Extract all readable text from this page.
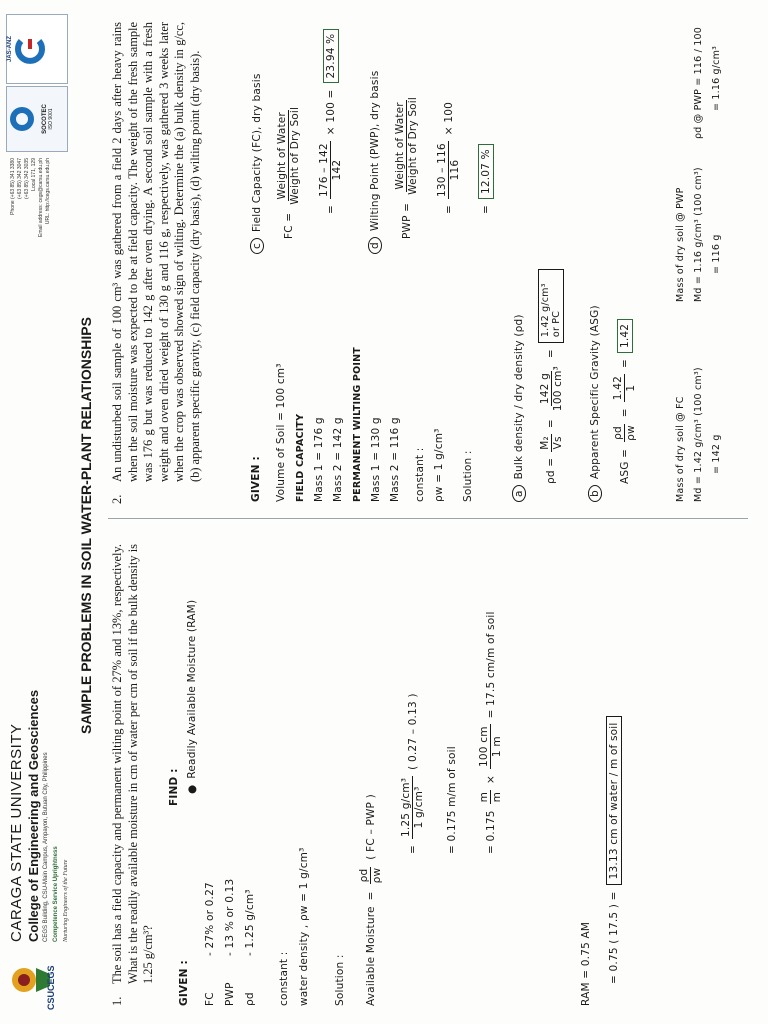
CSUCEGS
CARAGA STATE UNIVERSITY College of Engineering and Geosciences CEGS Building, CSU-Main Campus, Ampayon, Butuan City, Philippines Competence Service Uprightness Nurturing Engineers of the Future
Phone (+63 85) 341 3380 (+63 85) 342 3047 (+63 85) 342 3035 Local 171, 129 Email address: cegs@carsu.edu.ph URL: http://cegs.carsu.edu.ph
SOCOTEC ISO 9001
JAS-ANZ
SAMPLE PROBLEMS IN SOIL WATER-PLANT RELATIONSHIPS
1.
The soil has a field capacity and permanent wilting point of 27% and 13%, respectively. What is the readily available moisture in cm of water per cm of soil if the bulk density is 1.25 g/cm³? GIVEN :
FIND : ●
Readily Available Moisture (RAM)
FC
- 27% or 0.27
PWP
- 13 % or 0.13
ρd
- 1.25 g/cm³
constant : water density , ρw = 1 g/cm³ Solution : Available Moisture
=
ρd ρw
( FC – PWP )	=
1.25 g/cm³ 1 g/cm³
( 0.27 – 0.13 )
= 0.175 m/m of soil	= 0.175
m m
×
100 cm 1 m
= 17.5 cm/m of soil
RAM = 0.75 AM = 0.75 ( 17.5 ) =
13.13 cm of water / m of soil
2.
An undisturbed soil sample of 100 cm³ was gathered from a field 2 days after heavy rains when the soil moisture was expected to be at field capacity. The weight of the fresh sample was 176 g but was reduced to 142 g after oven drying. A second soil sample with a fresh weight and oven dried weight of 130 g and 116 g, respectively, was gathered 3 weeks later when the crop was observed showed sign of wilting. Determine the (a) bulk density in g/cc, (b) apparent specific gravity, (c) field capacity (dry basis), (d) wilting point (dry basis).	GIVEN : Volume of Soil = 100 cm³ FIELD CAPACITY Mass 1 = 176 g Mass 2 = 142 g PERMANENT WILTING POINT Mass 1 = 130 g Mass 2 = 116 g	constant : ρw = 1 g/cm³	Solution :	a
Bulk density / dry density (ρd) ρd =
M₂ Vs
=
142 g 100 cm³
=
1.42 g/cm³ or PC
b
Apparent Specific Gravity (ASG) ASG =
ρd ρw
=
1.42 1
=
1.42
c
Field Capacity (FC), dry basis FC =
Weight of Water Weight of Dry Soil
=
176 – 142 142
× 100 =
23.94 %
d
Wilting Point (PWP), dry basis PWP =
Weight of Water Weight of Dry Soil
=
130 – 116 116
× 100
=
12.07 %
Mass of dry soil @ FC Md = 1.42 g/cm³ (100 cm³) = 142 g
Mass of dry soil @ PWP Md = 1.16 g/cm³ (100 cm³) = 116 g
ρd @ PWP = 116 / 100 = 1.16 g/cm³
